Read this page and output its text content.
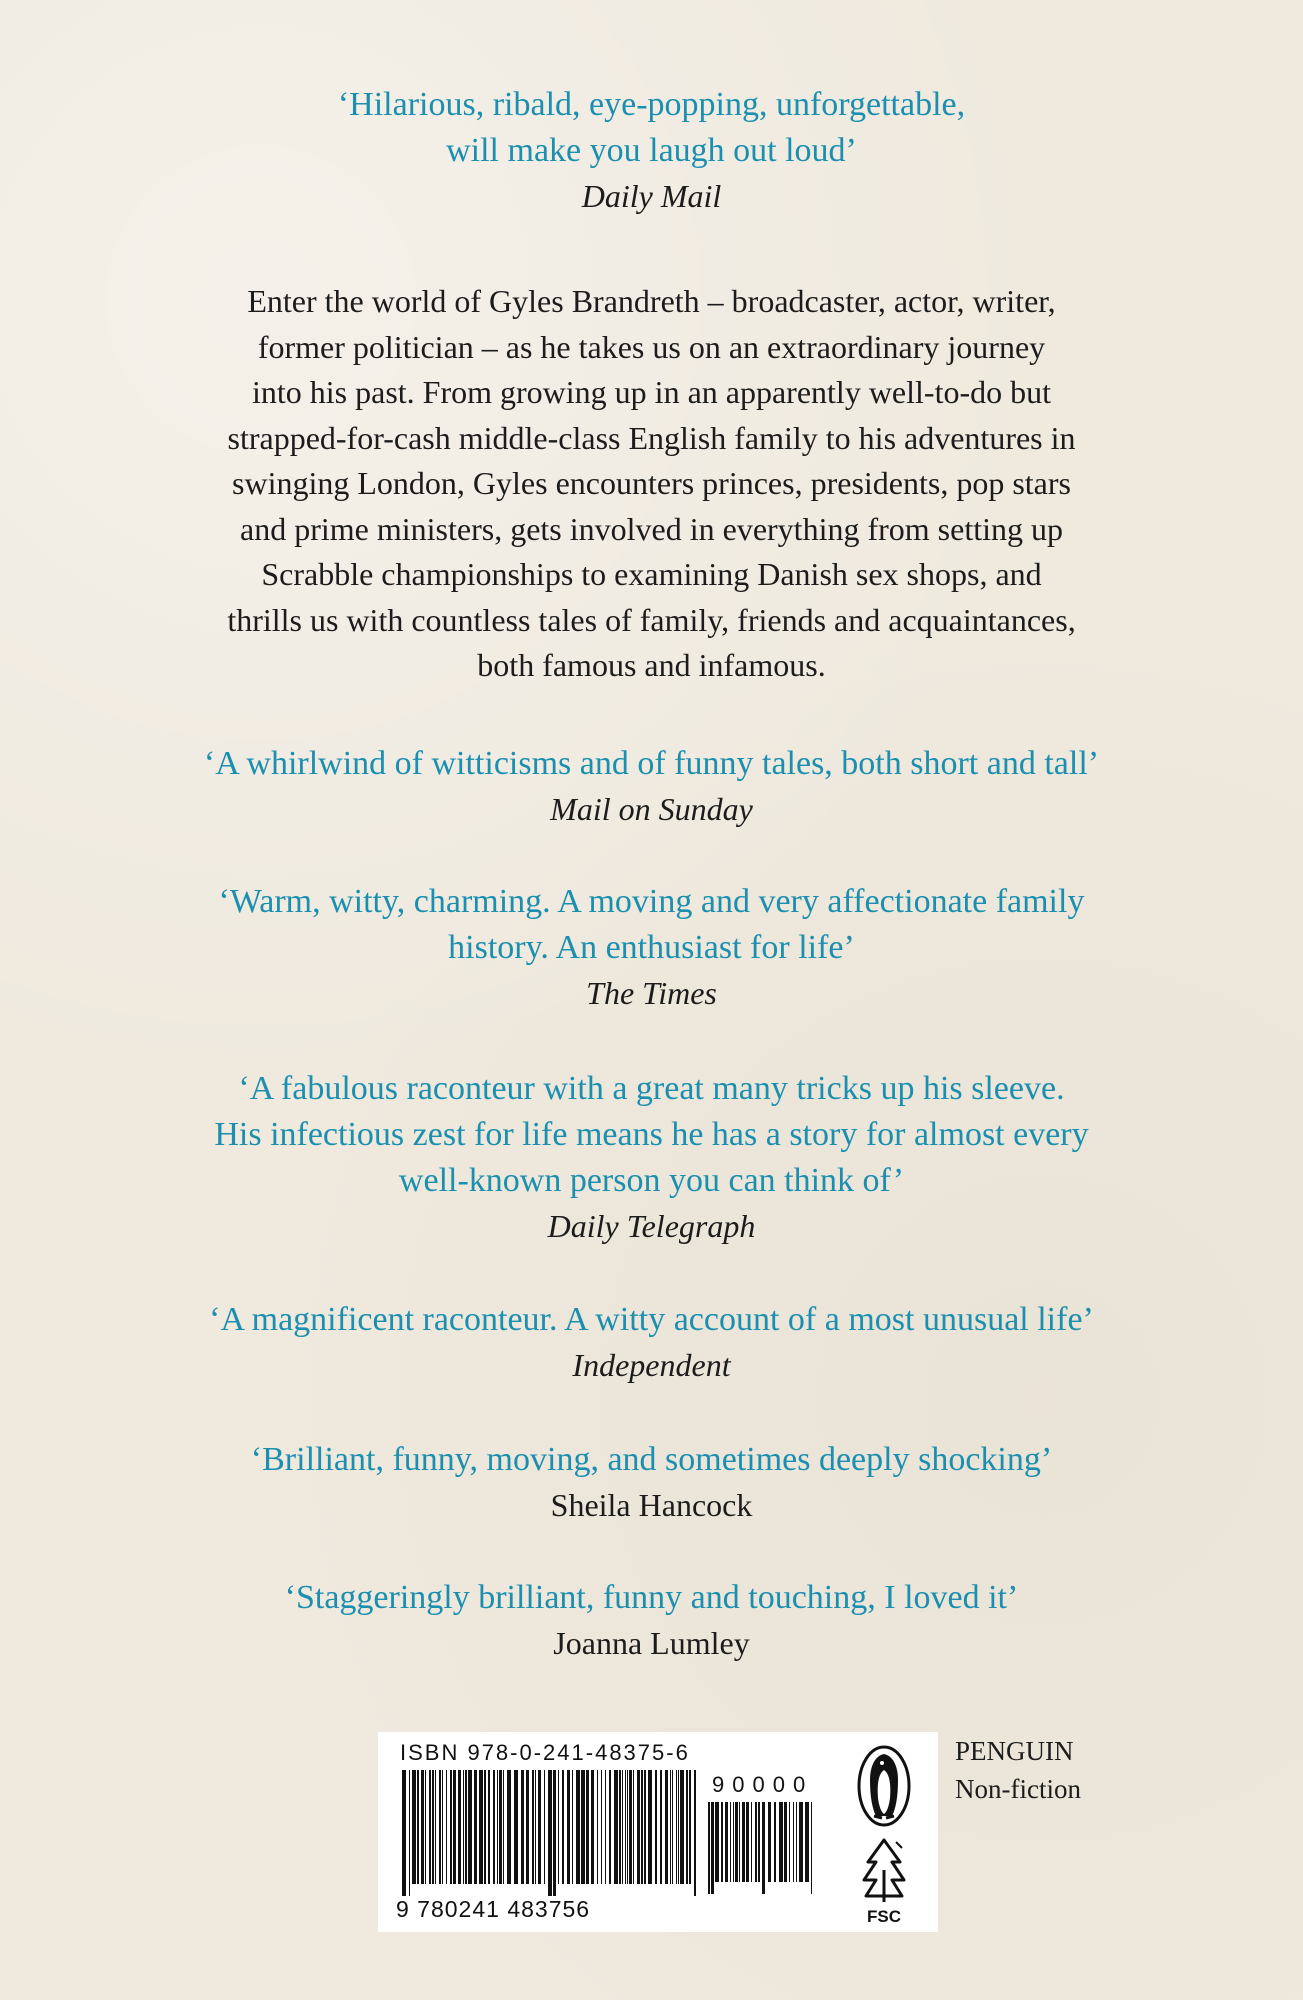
‘Hilarious, ribald, eye-popping, unforgettable,

will make you laugh out loud’

Daily Mail

Enter the world of Gyles Brandreth – broadcaster, actor, writer,

former politician – as he takes us on an extraordinary journey

into his past. From growing up in an apparently well-to-do but

strapped-for-cash middle-class English family to his adventures in

swinging London, Gyles encounters princes, presidents, pop stars

and prime ministers, gets involved in everything from setting up

Scrabble championships to examining Danish sex shops, and

thrills us with countless tales of family, friends and acquaintances,

both famous and infamous.

‘A whirlwind of witticisms and of funny tales, both short and tall’

Mail on Sunday

‘Warm, witty, charming. A moving and very affectionate family

history. An enthusiast for life’

The Times

‘A fabulous raconteur with a great many tricks up his sleeve.

His infectious zest for life means he has a story for almost every

well-known person you can think of’

Daily Telegraph

‘A magnificent raconteur. A witty account of a most unusual life’

Independent

‘Brilliant, funny, moving, and sometimes deeply shocking’

Sheila Hancock

‘Staggeringly brilliant, funny and touching, I loved it’

Joanna Lumley

ISBN 978-0-241-48375-6
9 780241 483756
90000
FSC
PENGUIN
Non-fiction
